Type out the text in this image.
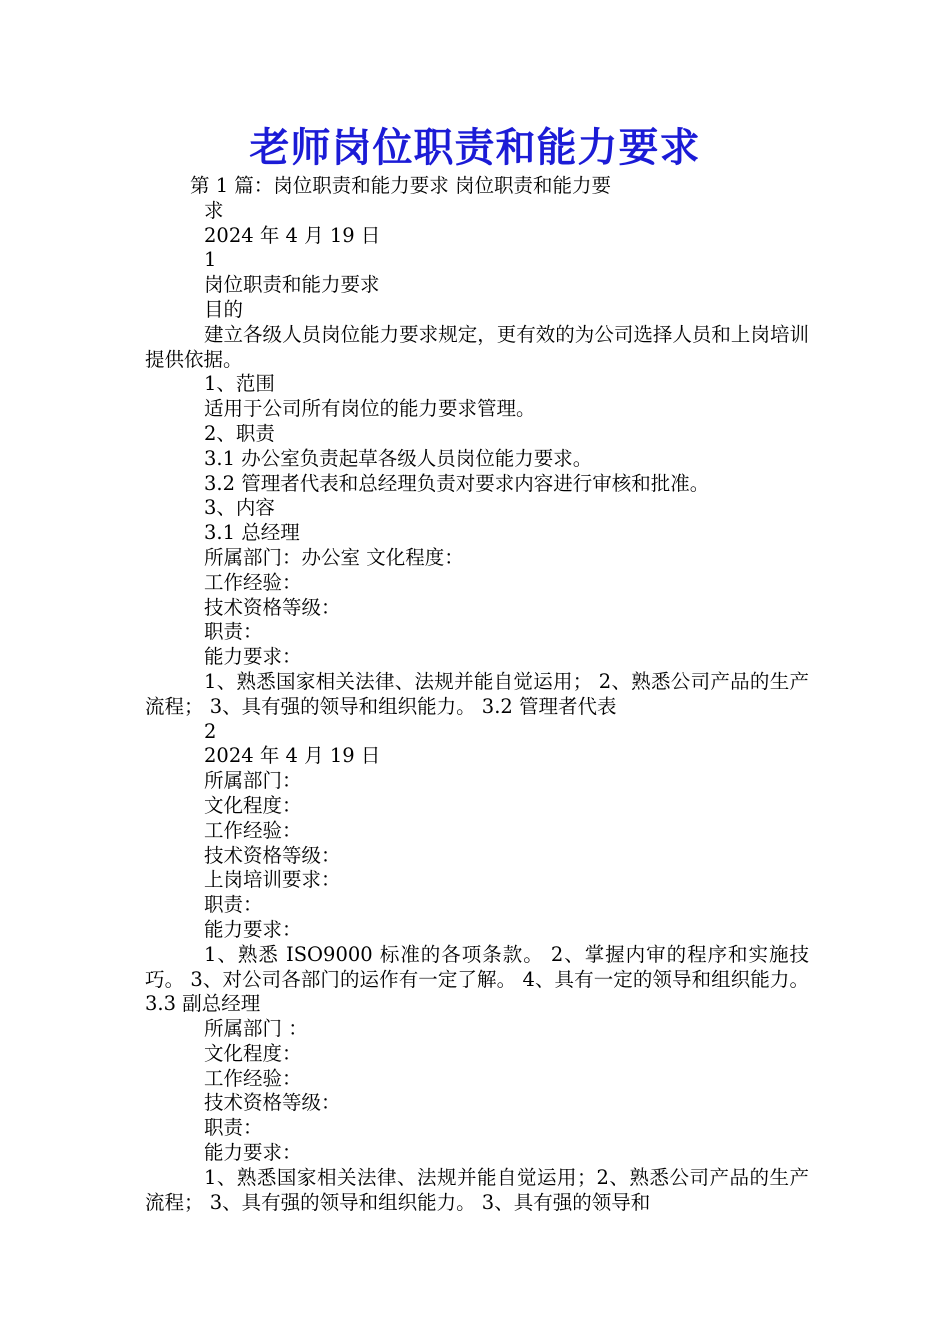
老师岗位职责和能力要求
第 1 篇：岗位职责和能力要求 岗位职责和能力要
求
2024 年 4 月 19 日
1
岗位职责和能力要求
目的
建立各级人员岗位能力要求规定，更有效的为公司选择人员和上岗培训提供依据。
1、范围
适用于公司所有岗位的能力要求管理。
2、职责
3.1 办公室负责起草各级人员岗位能力要求。
3.2 管理者代表和总经理负责对要求内容进行审核和批准。
3、内容
3.1 总经理
所属部门：办公室 文化程度：
工作经验：
技术资格等级：
职责：
能力要求：
1、熟悉国家相关法律、法规并能自觉运用； 2、熟悉公司产品的生产流程； 3、具有强的领导和组织能力。 3.2 管理者代表
2
2024 年 4 月 19 日
所属部门：
文化程度：
工作经验：
技术资格等级：
上岗培训要求：
职责：
能力要求：
1、熟悉 ISO9000 标准的各项条款。 2、掌握内审的程序和实施技巧。 3、对公司各部门的运作有一定了解。 4、具有一定的领导和组织能力。 3.3 副总经理
所属部门 ：
文化程度：
工作经验：
技术资格等级：
职责：
能力要求：
1、熟悉国家相关法律、法规并能自觉运用；2、熟悉公司产品的生产流程； 3、具有强的领导和组织能力。 3、具有强的领导和
